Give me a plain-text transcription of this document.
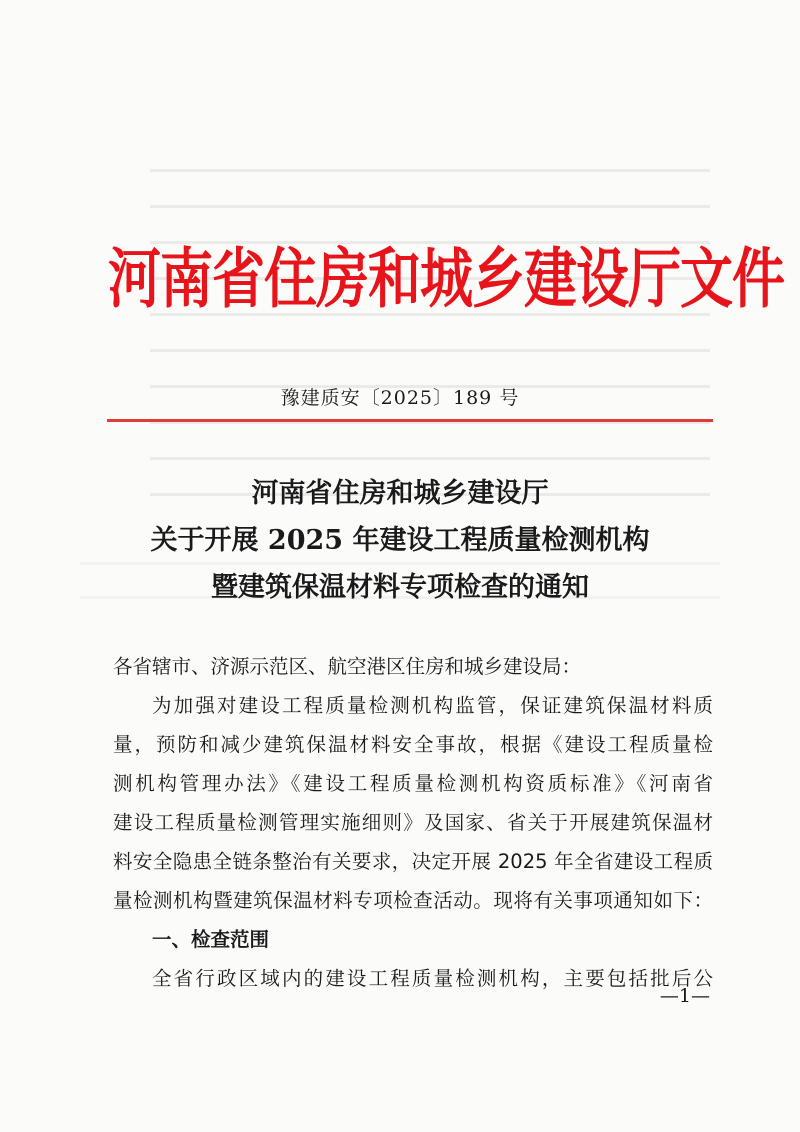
河南省住房和城乡建设厅文件
豫建质安〔2025〕189 号
河南省住房和城乡建设厅
关于开展 2025 年建设工程质量检测机构
暨建筑保温材料专项检查的通知
各省辖市、济源示范区、航空港区住房和城乡建设局：
为加强对建设工程质量检测机构监管，保证建筑保温材料质
量，预防和减少建筑保温材料安全事故，根据《建设工程质量检
测机构管理办法》《建设工程质量检测机构资质标准》《河南省
建设工程质量检测管理实施细则》及国家、省关于开展建筑保温材
料安全隐患全链条整治有关要求，决定开展 2025 年全省建设工程质
量检测机构暨建筑保温材料专项检查活动。现将有关事项通知如下：
一、检查范围
全省行政区域内的建设工程质量检测机构，主要包括批后公
—1—
